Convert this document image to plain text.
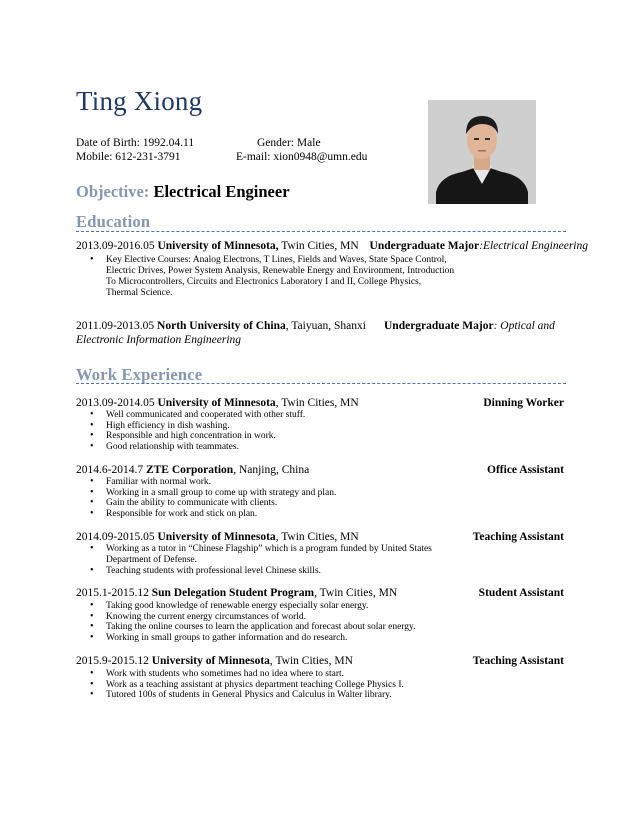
Ting Xiong
Date of Birth: 1992.04.11	Gender: Male
Mobile: 612-231-3791	E-mail: xion0948@umn.edu
Objective: Electrical Engineer
Education
2013.09-2016.05 University of Minnesota, Twin Cities, MN Undergraduate Major:Electrical Engineering
• Key Elective Courses: Analog Electrons, T Lines, Fields and Waves, State Space Control,
Electric Drives, Power System Analysis, Renewable Energy and Environment, Introduction
To Microcontrollers, Circuits and Electronics Laboratory I and II, College Physics,
Thermal Science.
2011.09-2013.05 North University of China, Taiyuan, Shanxi Undergraduate Major: Optical and
Electronic Information Engineering
Work Experience
2013.09-2014.05 University of Minnesota, Twin Cities, MN	Dinning Worker
• Well communicated and cooperated with other stuff.
• High efficiency in dish washing.
• Responsible and high concentration in work.
• Good relationship with teammates.
2014.6-2014.7 ZTE Corporation, Nanjing, China	Office Assistant
• Familiar with normal work.
• Working in a small group to come up with strategy and plan.
• Gain the ability to communicate with clients.
• Responsible for work and stick on plan.
2014.09-2015.05 University of Minnesota, Twin Cities, MN	Teaching Assistant
• Working as a tutor in “Chinese Flagship” which is a program funded by United States
Department of Defense.
• Teaching students with professional level Chinese skills.
2015.1-2015.12 Sun Delegation Student Program, Twin Cities, MN	Student Assistant
• Taking good knowledge of renewable energy especially solar energy.
• Knowing the current energy circumstances of world.
• Taking the online courses to learn the application and forecast about solar energy.
• Working in small groups to gather information and do research.
2015.9-2015.12 University of Minnesota, Twin Cities, MN	Teaching Assistant
• Work with students who sometimes had no idea where to start.
• Work as a teaching assistant at physics department teaching College Physics I.
• Tutored 100s of students in General Physics and Calculus in Walter library.
